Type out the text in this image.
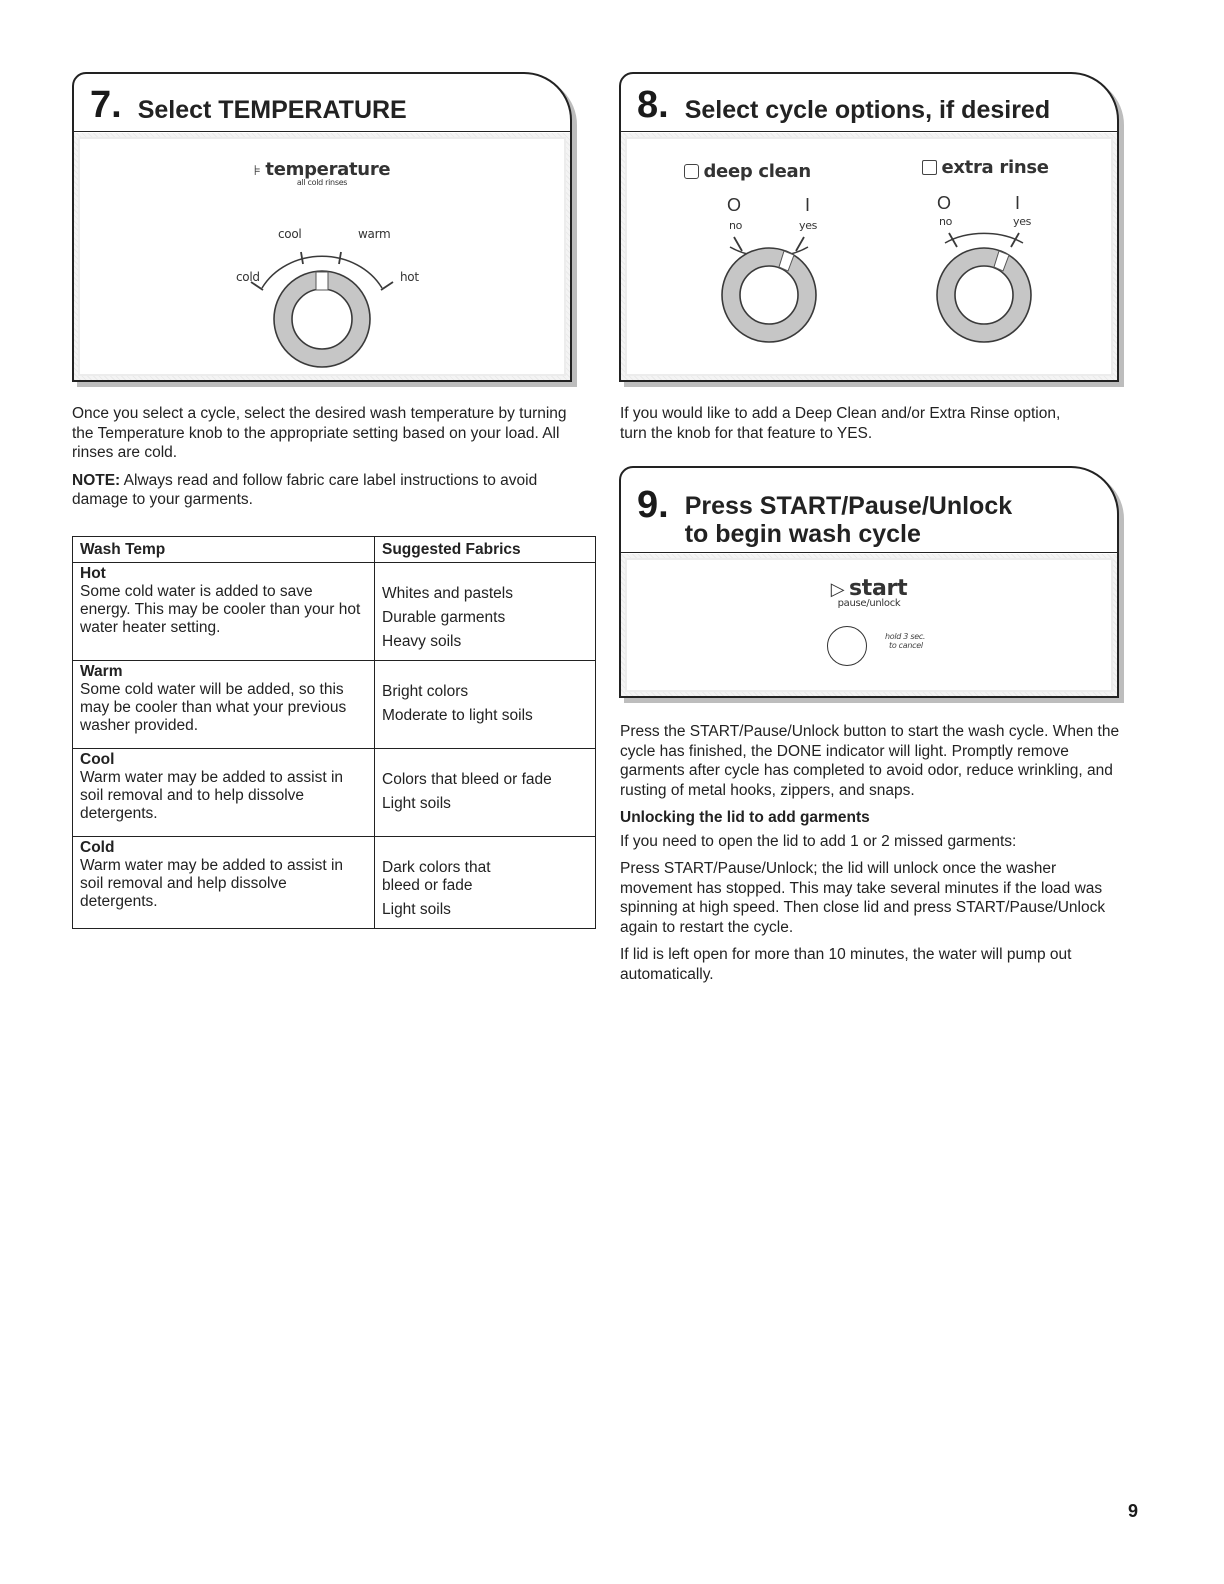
7. Select TEMPERATURE
⊧ temperature
all cold rinses
cool	warm
cold	hot

Once you select a cycle, select the desired wash temperature by turning the Temperature knob to the appropriate setting based on your load. All rinses are cold.

NOTE: Always read and follow fabric care label instructions to avoid damage to your garments.

Wash Temp	Suggested Fabrics

Hot
Some cold water is added to save energy. This may be cooler than your hot water heater setting.	Whites and pastels
Durable garments
Heavy soils

Warm
Some cold water will be added, so this may be cooler than what your previous washer provided.	Bright colors
Moderate to light soils

Cool
Warm water may be added to assist in soil removal and to help dissolve detergents.	Colors that bleed or fade
Light soils

Cold
Warm water may be added to assist in soil removal and help dissolve detergents.	Dark colors that bleed or fade
Light soils
8. Select cycle options, if desired
deep clean
O	I
no	yes
extra rinse
O	I
no	yes

If you would like to add a Deep Clean and/or Extra Rinse option, turn the knob for that feature to YES.

9. Press START/Pause/Unlock
to begin wash cycle
▷ start
pause/unlock
hold 3 sec.
to cancel

Press the START/Pause/Unlock button to start the wash cycle. When the cycle has finished, the DONE indicator will light. Promptly remove garments after cycle has completed to avoid odor, reduce wrinkling, and rusting of metal hooks, zippers, and snaps.

Unlocking the lid to add garments

If you need to open the lid to add 1 or 2 missed garments:

Press START/Pause/Unlock; the lid will unlock once the washer movement has stopped. This may take several minutes if the load was spinning at high speed. Then close lid and press START/Pause/Unlock again to restart the cycle.

If lid is left open for more than 10 minutes, the water will pump out automatically.

9
